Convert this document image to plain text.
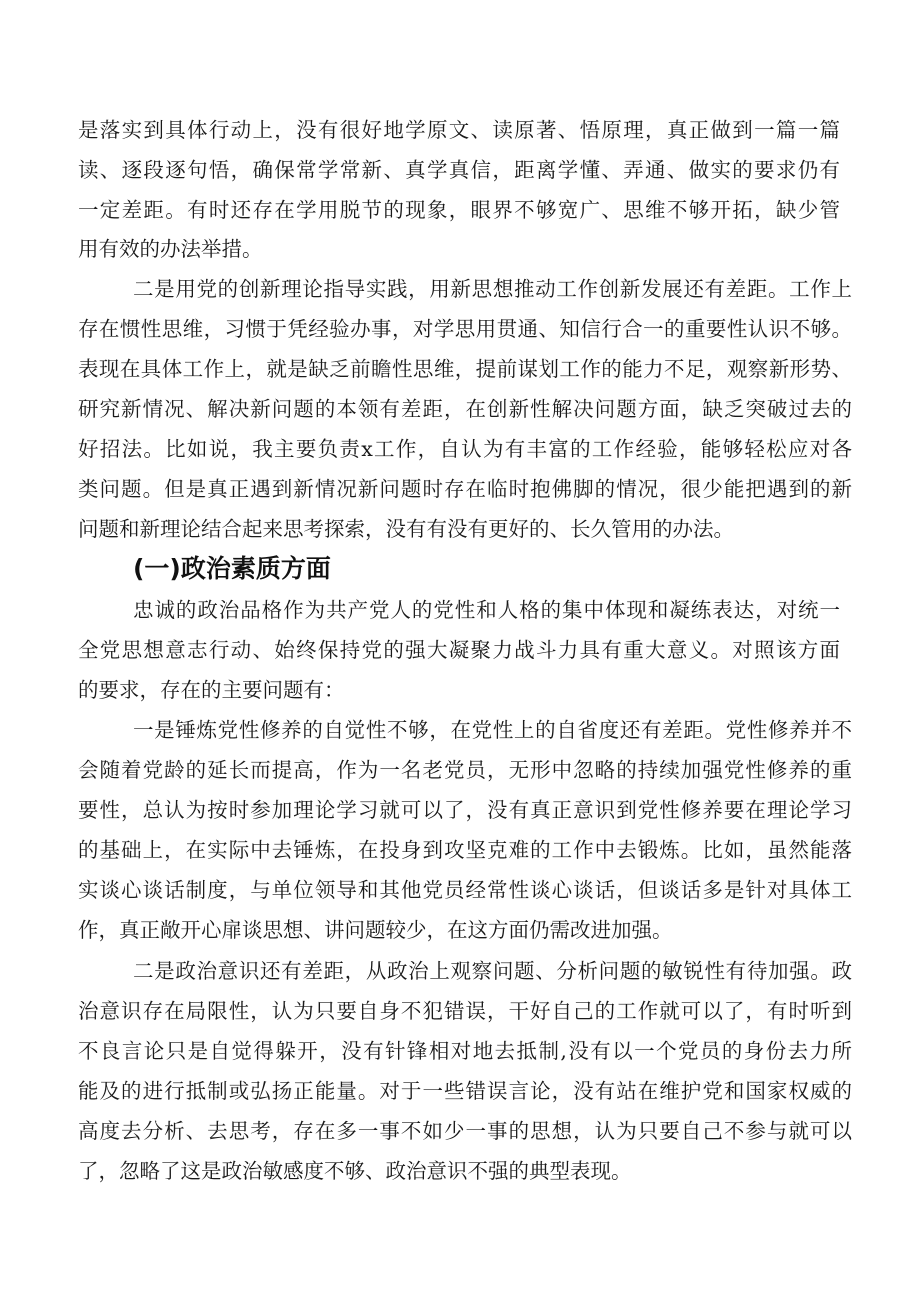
是落实到具体行动上，没有很好地学原文、读原著、悟原理，真正做到一篇一篇
读、逐段逐句悟，确保常学常新、真学真信，距离学懂、弄通、做实的要求仍有
一定差距。有时还存在学用脱节的现象，眼界不够宽广、思维不够开拓，缺少管
用有效的办法举措。
二是用党的创新理论指导实践，用新思想推动工作创新发展还有差距。工作上
存在惯性思维，习惯于凭经验办事，对学思用贯通、知信行合一的重要性认识不够。
表现在具体工作上，就是缺乏前瞻性思维，提前谋划工作的能力不足，观察新形势、
研究新情况、解决新问题的本领有差距，在创新性解决问题方面，缺乏突破过去的
好招法。比如说，我主要负责x工作，自认为有丰富的工作经验，能够轻松应对各
类问题。但是真正遇到新情况新问题时存在临时抱佛脚的情况，很少能把遇到的新
问题和新理论结合起来思考探索，没有有没有更好的、长久管用的办法。
(一)政治素质方面
忠诚的政治品格作为共产党人的党性和人格的集中体现和凝练表达，对统一
全党思想意志行动、始终保持党的强大凝聚力战斗力具有重大意义。对照该方面
的要求，存在的主要问题有：
一是锤炼党性修养的自觉性不够，在党性上的自省度还有差距。党性修养并不
会随着党龄的延长而提高，作为一名老党员，无形中忽略的持续加强党性修养的重
要性，总认为按时参加理论学习就可以了，没有真正意识到党性修养要在理论学习
的基础上，在实际中去锤炼，在投身到攻坚克难的工作中去锻炼。比如，虽然能落
实谈心谈话制度，与单位领导和其他党员经常性谈心谈话，但谈话多是针对具体工
作，真正敞开心扉谈思想、讲问题较少，在这方面仍需改进加强。
二是政治意识还有差距，从政治上观察问题、分析问题的敏锐性有待加强。政
治意识存在局限性，认为只要自身不犯错误，干好自己的工作就可以了，有时听到
不良言论只是自觉得躲开，没有针锋相对地去抵制,没有以一个党员的身份去力所
能及的进行抵制或弘扬正能量。对于一些错误言论，没有站在维护党和国家权威的
高度去分析、去思考，存在多一事不如少一事的思想，认为只要自己不参与就可以
了，忽略了这是政治敏感度不够、政治意识不强的典型表现。
